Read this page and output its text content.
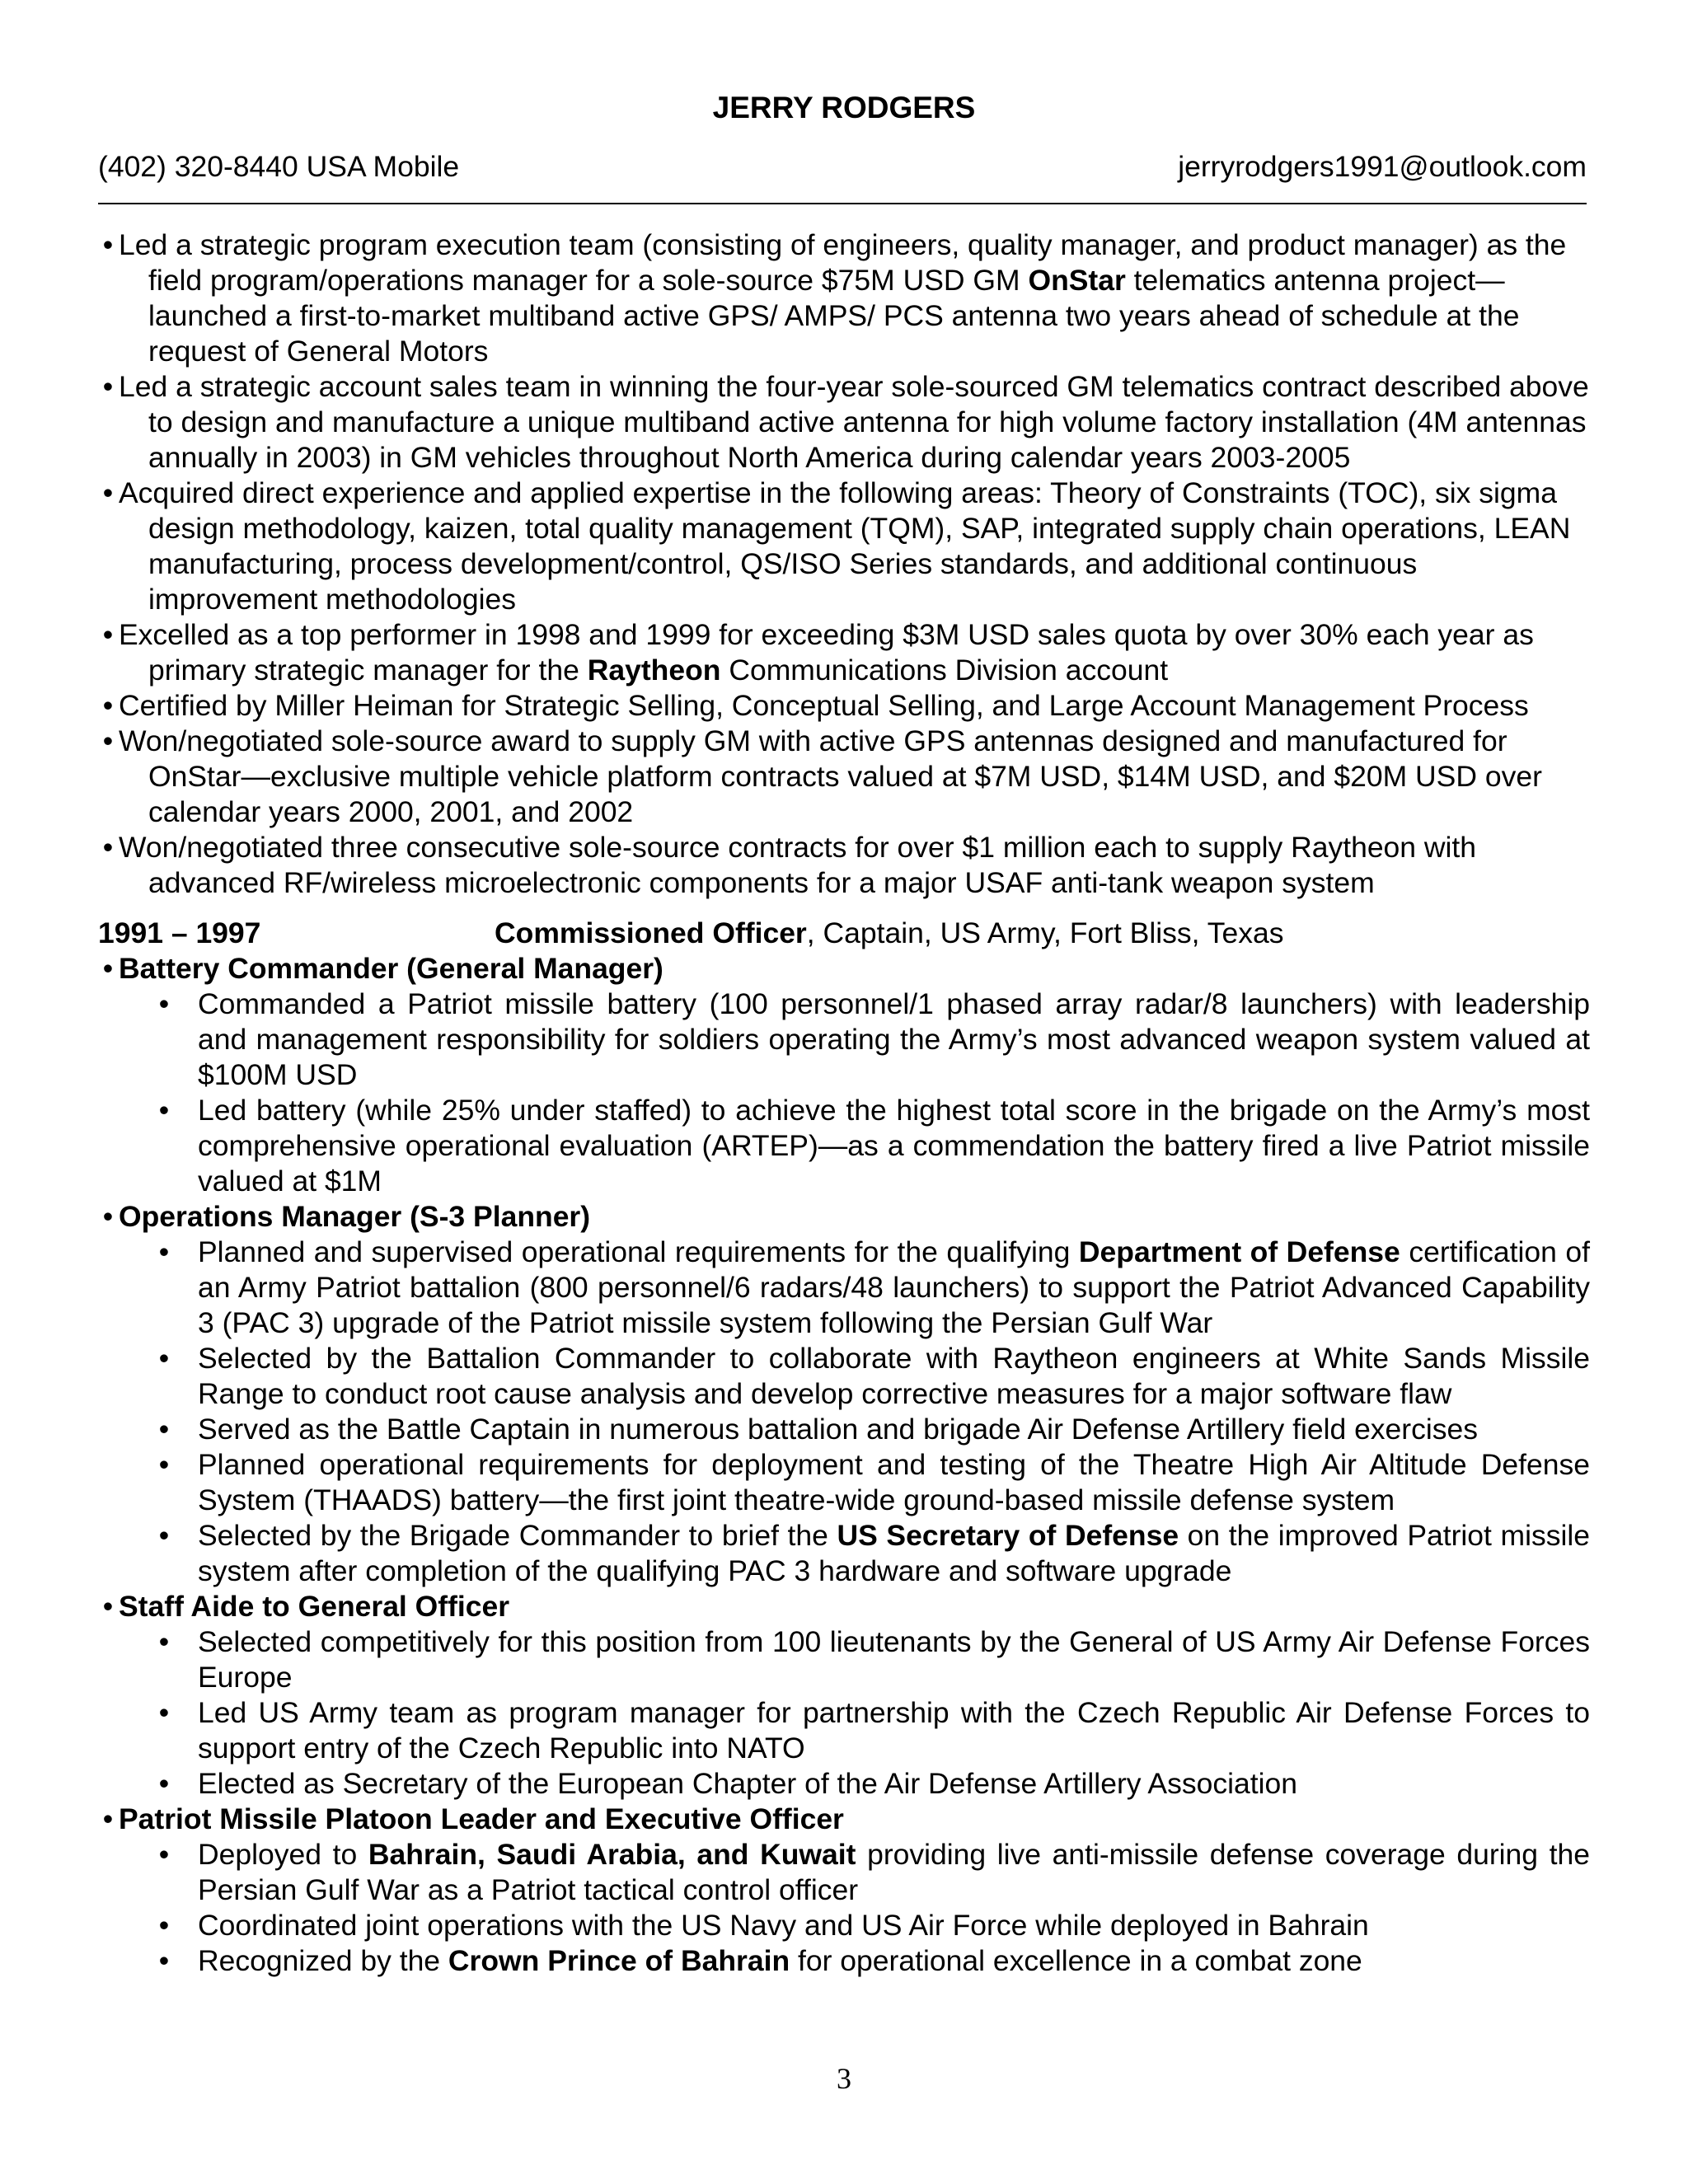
JERRY RODGERS
(402) 320-8440 USA Mobile	jerryrodgers1991@outlook.com
• Led a strategic program execution team (consisting of engineers, quality manager, and product manager) as the field program/operations manager for a sole-source $75M USD GM OnStar telematics antenna project—launched a first-to-market multiband active GPS/ AMPS/ PCS antenna two years ahead of schedule at the request of General Motors
• Led a strategic account sales team in winning the four-year sole-sourced GM telematics contract described above to design and manufacture a unique multiband active antenna for high volume factory installation (4M antennas annually in 2003) in GM vehicles throughout North America during calendar years 2003-2005
• Acquired direct experience and applied expertise in the following areas: Theory of Constraints (TOC), six sigma design methodology, kaizen, total quality management (TQM), SAP, integrated supply chain operations, LEAN manufacturing, process development/control, QS/ISO Series standards, and additional continuous improvement methodologies
• Excelled as a top performer in 1998 and 1999 for exceeding $3M USD sales quota by over 30% each year as primary strategic manager for the Raytheon Communications Division account
• Certified by Miller Heiman for Strategic Selling, Conceptual Selling, and Large Account Management Process
• Won/negotiated sole-source award to supply GM with active GPS antennas designed and manufactured for OnStar—exclusive multiple vehicle platform contracts valued at $7M USD, $14M USD, and $20M USD over calendar years 2000, 2001, and 2002
• Won/negotiated three consecutive sole-source contracts for over $1 million each to supply Raytheon with advanced RF/wireless microelectronic components for a major USAF anti-tank weapon system
1991 – 1997	Commissioned Officer, Captain, US Army, Fort Bliss, Texas
• Battery Commander (General Manager)
• Commanded a Patriot missile battery (100 personnel/1 phased array radar/8 launchers) with leadership and management responsibility for soldiers operating the Army’s most advanced weapon system valued at $100M USD
• Led battery (while 25% under staffed) to achieve the highest total score in the brigade on the Army’s most comprehensive operational evaluation (ARTEP)—as a commendation the battery fired a live Patriot missile valued at $1M
• Operations Manager (S-3 Planner)
• Planned and supervised operational requirements for the qualifying Department of Defense certification of an Army Patriot battalion (800 personnel/6 radars/48 launchers) to support the Patriot Advanced Capability 3 (PAC 3) upgrade of the Patriot missile system following the Persian Gulf War
• Selected by the Battalion Commander to collaborate with Raytheon engineers at White Sands Missile Range to conduct root cause analysis and develop corrective measures for a major software flaw
• Served as the Battle Captain in numerous battalion and brigade Air Defense Artillery field exercises
• Planned operational requirements for deployment and testing of the Theatre High Air Altitude Defense System (THAADS) battery—the first joint theatre-wide ground-based missile defense system
• Selected by the Brigade Commander to brief the US Secretary of Defense on the improved Patriot missile system after completion of the qualifying PAC 3 hardware and software upgrade
• Staff Aide to General Officer
• Selected competitively for this position from 100 lieutenants by the General of US Army Air Defense Forces Europe
• Led US Army team as program manager for partnership with the Czech Republic Air Defense Forces to support entry of the Czech Republic into NATO
• Elected as Secretary of the European Chapter of the Air Defense Artillery Association
• Patriot Missile Platoon Leader and Executive Officer
• Deployed to Bahrain, Saudi Arabia, and Kuwait providing live anti-missile defense coverage during the Persian Gulf War as a Patriot tactical control officer
• Coordinated joint operations with the US Navy and US Air Force while deployed in Bahrain
• Recognized by the Crown Prince of Bahrain for operational excellence in a combat zone
3
